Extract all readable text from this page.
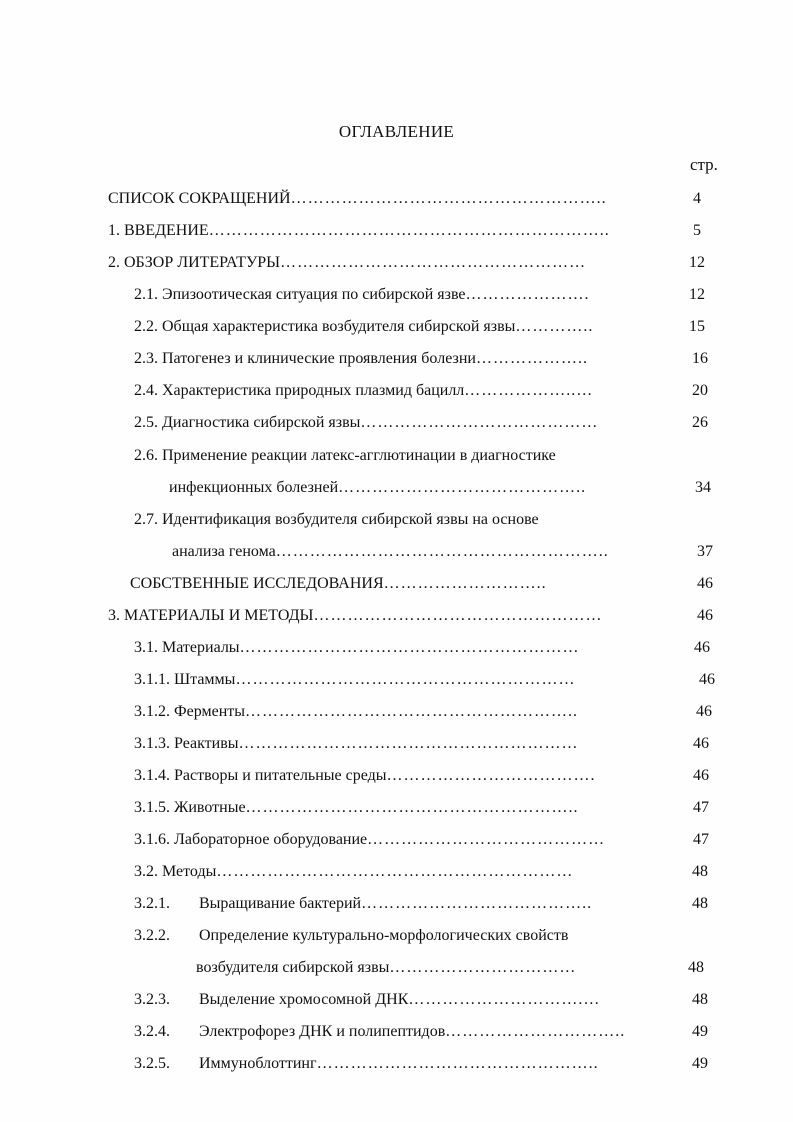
ОГЛАВЛЕНИЕ
стр.
СПИСОК СОКРАЩЕНИЙ………………………………………………..	4
1. ВВЕДЕНИЕ……………………………………………………………..	5
2. ОБЗОР ЛИТЕРАТУРЫ………………………………………………	12
2.1. Эпизоотическая ситуация по сибирской язве………………….	12
2.2. Общая характеристика возбудителя сибирской язвы…………..	15
2.3. Патогенез и клинические проявления болезни………………..	16
2.4. Характеристика природных плазмид бацилл………………..…	20
2.5. Диагностика сибирской язвы……………………………………	26
2.6. Применение реакции латекс-агглютинации в диагностике
инфекционных болезней……………………………………..	34
2.7. Идентификация возбудителя сибирской язвы на основе
анализа генома…………………………………………………..	37
СОБСТВЕННЫЕ ИССЛЕДОВАНИЯ………………………..	46
3. МАТЕРИАЛЫ И МЕТОДЫ……………………………………………	46
3.1. Материалы……………………………………………………	46
3.1.1. Штаммы……………………………………………………	46
3.1.2. Ферменты…………………………………………………..	46
3.1.3. Реактивы……………………………………………………	46
3.1.4. Растворы и питательные среды……………………………….	46
3.1.5. Животные…………………………………………………..	47
3.1.6. Лабораторное оборудование……………………………………	47
3.2. Методы………………………………………………………	48
3.2.1.	Выращивание бактерий…………………………………..	48
3.2.2.	Определение культурально-морфологических свойств
возбудителя сибирской язвы……………………………	48
3.2.3.	Выделение хромосомной ДНК………………………….…	48
3.2.4.	Электрофорез ДНК и полипептидов…………………………..	49
3.2.5.	Иммуноблоттинг…………………………………………..	49
